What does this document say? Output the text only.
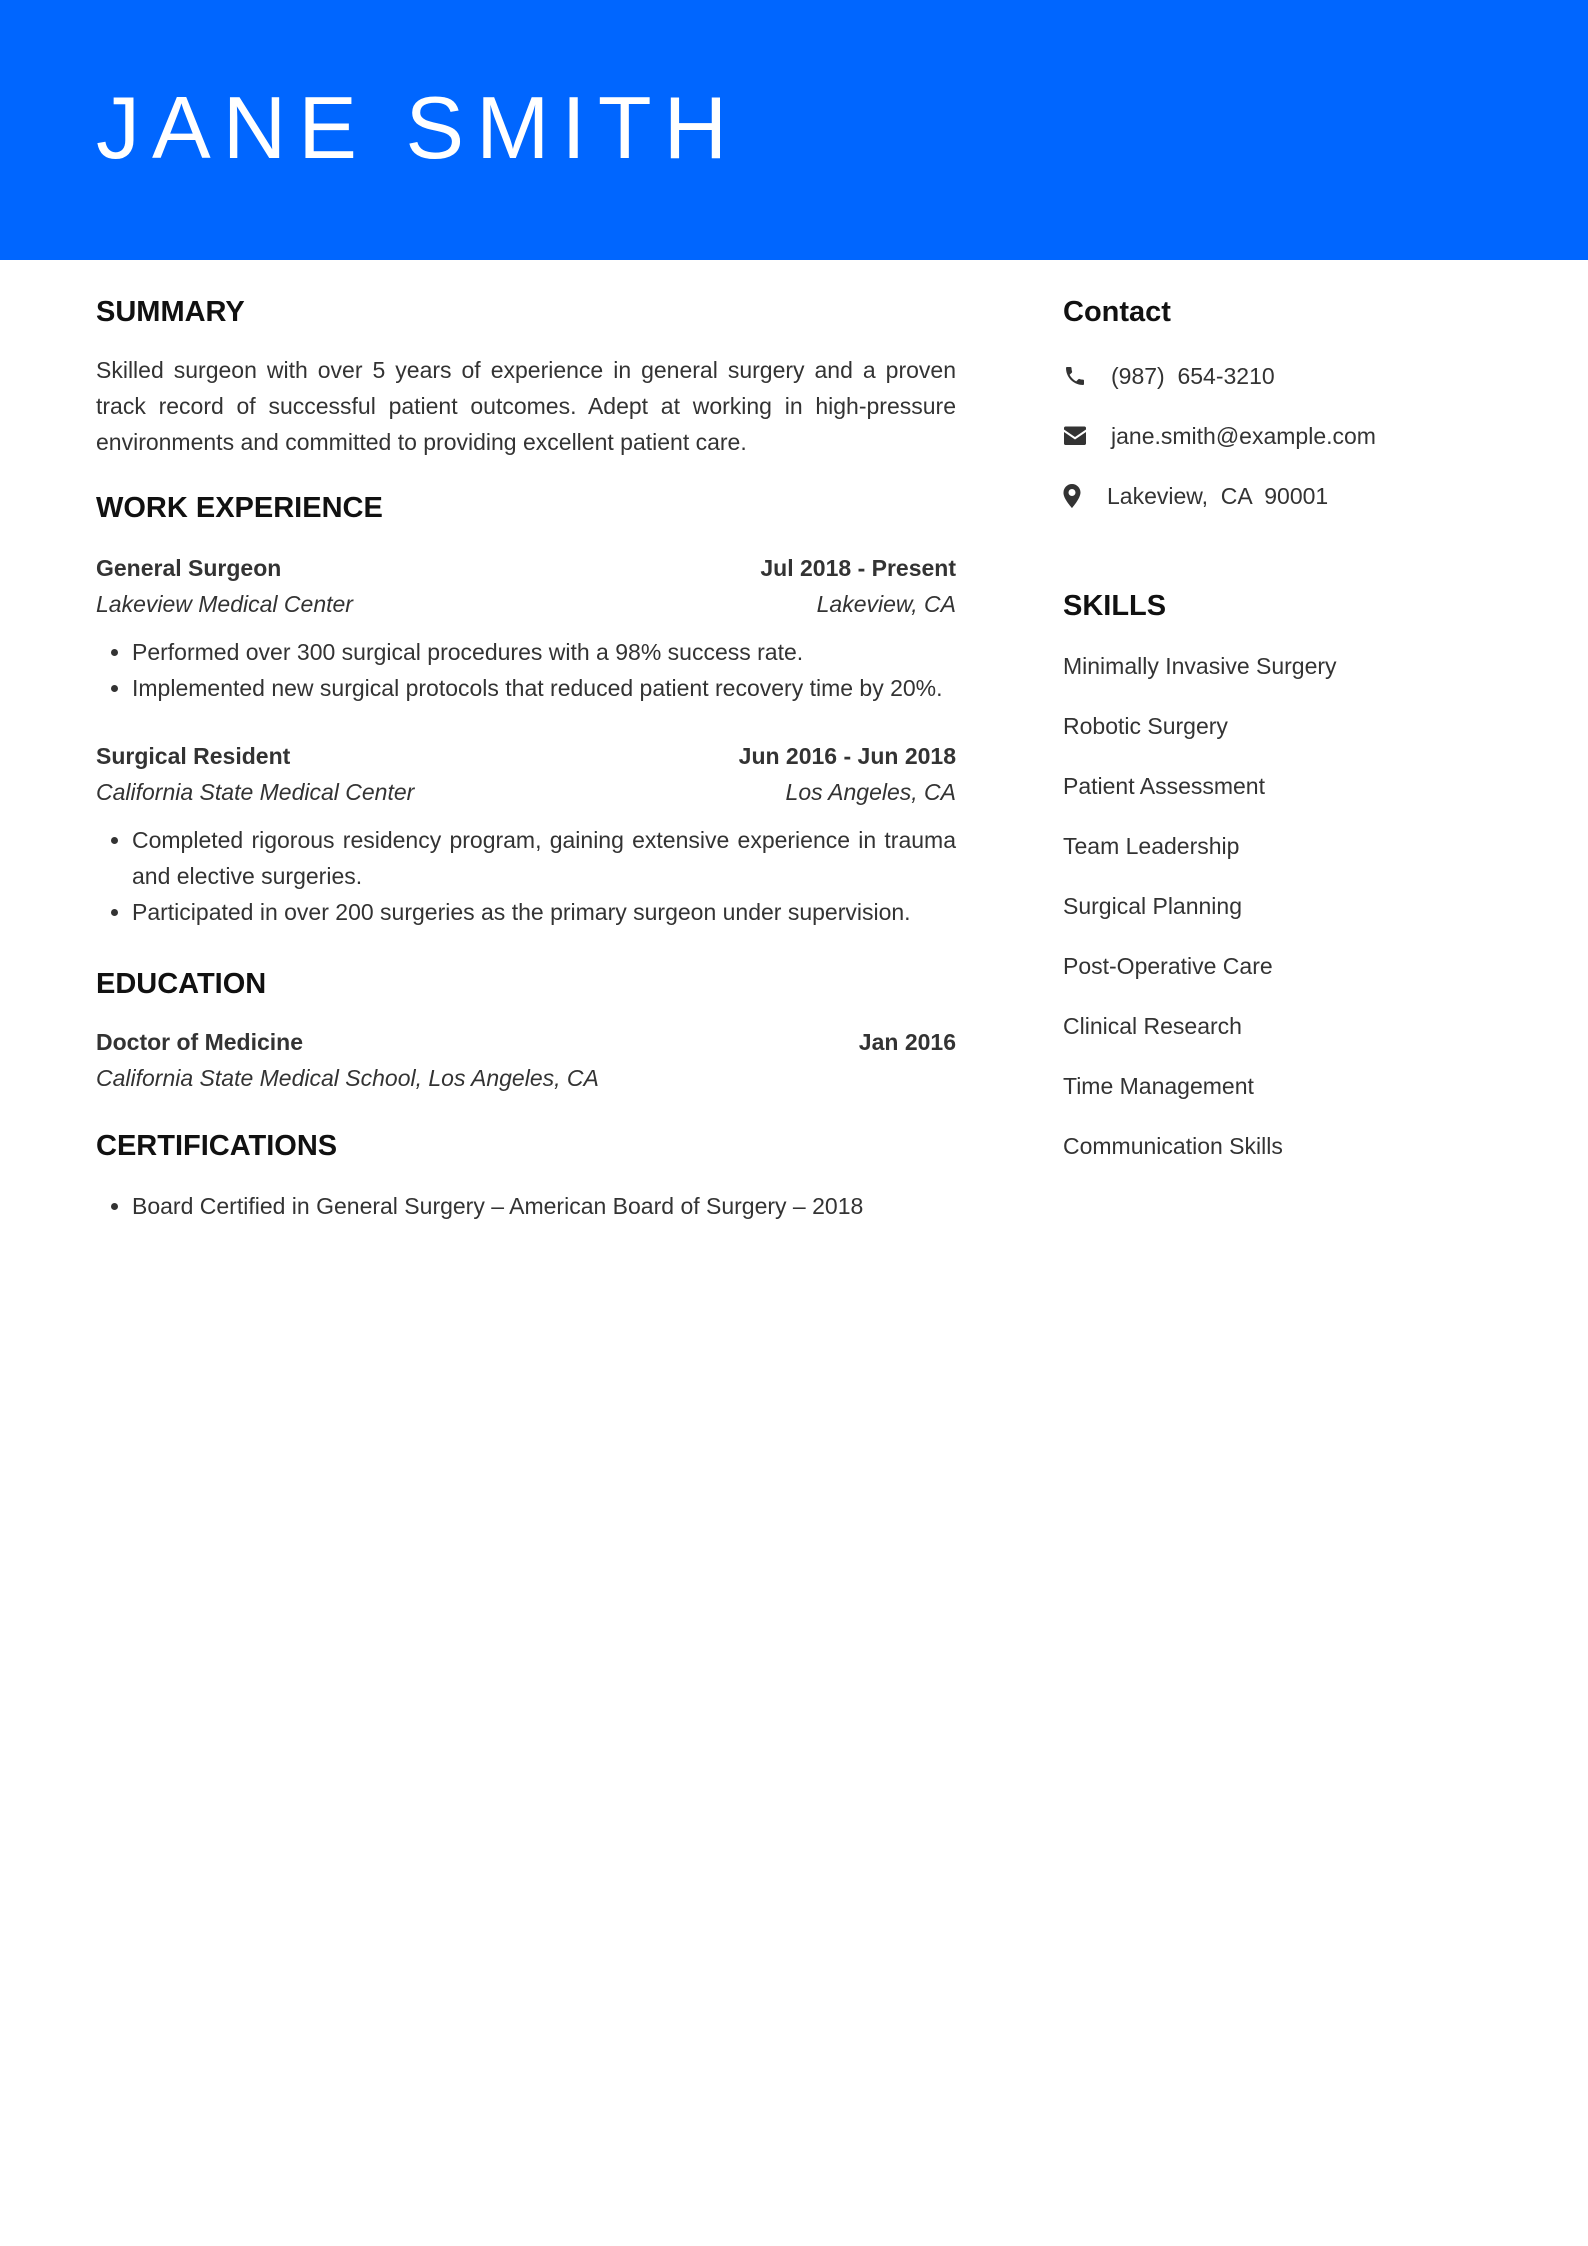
JANE SMITH
SUMMARY
Skilled surgeon with over 5 years of experience in general surgery and a proven track record of successful patient outcomes. Adept at working in high-pressure environments and committed to providing excellent patient care.
WORK EXPERIENCE
General Surgeon	Jul 2018 - Present
Lakeview Medical Center	Lakeview, CA
• Performed over 300 surgical procedures with a 98% success rate.
• Implemented new surgical protocols that reduced patient recovery time by 20%.
Surgical Resident	Jun 2016 - Jun 2018
California State Medical Center	Los Angeles, CA
• Completed rigorous residency program, gaining extensive experience in trauma and elective surgeries.
• Participated in over 200 surgeries as the primary surgeon under supervision.
EDUCATION
Doctor of Medicine	Jan 2016
California State Medical School, Los Angeles, CA
CERTIFICATIONS
• Board Certified in General Surgery – American Board of Surgery – 2018
Contact
(987)  654-3210
jane.smith@example.com
Lakeview,  CA  90001
SKILLS
Minimally Invasive Surgery
Robotic Surgery
Patient Assessment
Team Leadership
Surgical Planning
Post-Operative Care
Clinical Research
Time Management
Communication Skills
